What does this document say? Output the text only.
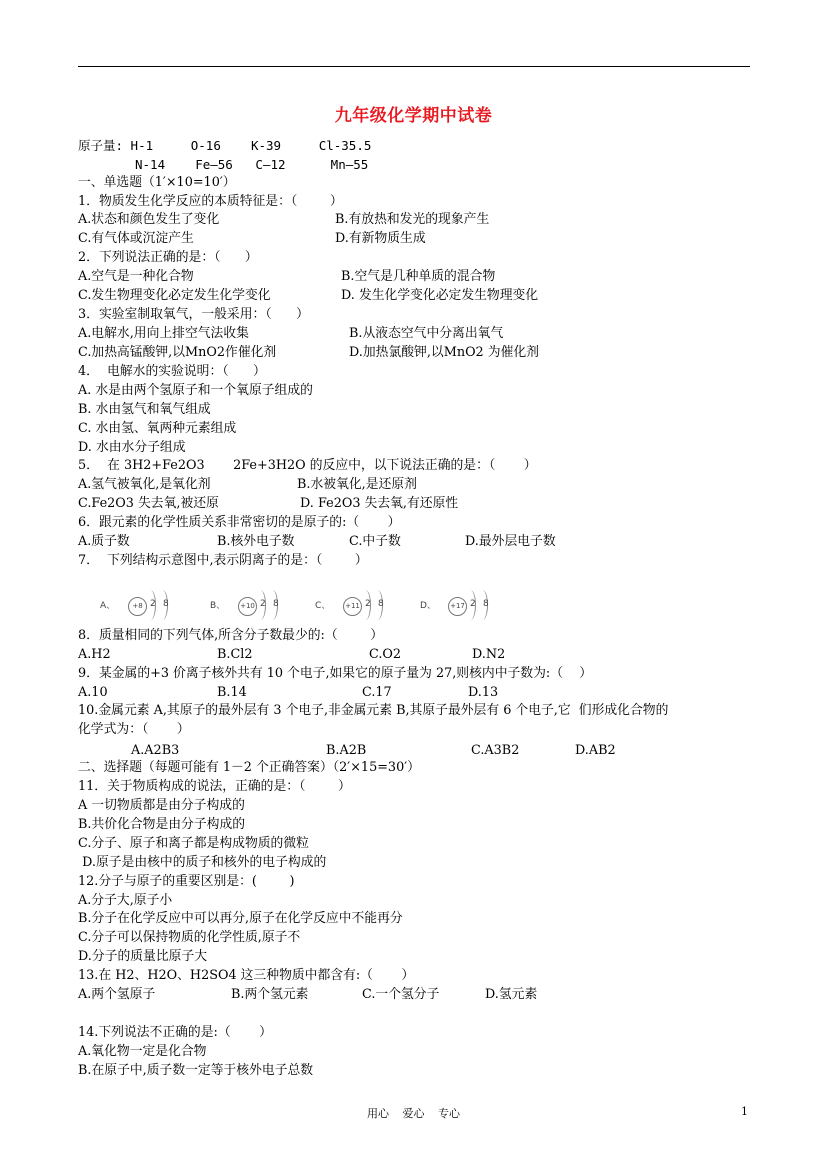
九年级化学期中试卷
原子量: H-1     O-16    K-39     Cl-35.5
N-14    Fe—56   C—12      Mn—55
一、单选题（1′×10=10′）
1．物质发生化学反应的本质特征是：（        ）
A.状态和颜色发生了变化	B.有放热和发光的现象产生
C.有气体或沉淀产生	D.有新物质生成
2．下列说法正确的是：（      ）
A.空气是一种化合物	B.空气是几种单质的混合物
C.发生物理变化必定发生化学变化	D. 发生化学变化必定发生物理变化
3．实验室制取氧气，一般采用：（      ）
A.电解水,用向上排空气法收集	B.从液态空气中分离出氧气
C.加热高锰酸钾,以MnO2作催化剂	D.加热氯酸钾,以MnO2 为催化剂
4．  电解水的实验说明：（      ）
A. 水是由两个氢原子和一个氧原子组成的
B. 水由氢气和氧气组成
C. 水由氢、氧两种元素组成
D. 水由水分子组成
5．  在 3H2+Fe2O3       2Fe+3H2O 的反应中，以下说法正确的是：（       ）
A.氢气被氧化,是氧化剂	B.水被氧化,是还原剂
C.Fe2O3 失去氧,被还原	D. Fe2O3 失去氧,有还原性
6．跟元素的化学性质关系非常密切的是原子的:（       ）
A.质子数	B.核外电子数	C.中子数	D.最外层电子数
7．  下列结构示意图中,表示阴离子的是：（        ）
8．质量相同的下列气体,所含分子数最少的:（        ）
A.H2	B.Cl2	C.O2	D.N2
9．某金属的+3 价离子核外共有 10 个电子,如果它的原子量为 27,则核内中子数为:（    ）
A.10	B.14	C.17	D.13
10.金属元素 A,其原子的最外层有 3 个电子,非金属元素 B,其原子最外层有 6 个电子,它  们形成化合物的
化学式为：（       ）
A.A2B3	B.A2B	C.A3B2	D.AB2
二、选择题（每题可能有 1－2 个正确答案）（2′×15=30′）
11．关于物质构成的说法，正确的是：（        ）
A 一切物质都是由分子构成的
B.共价化合物是由分子构成的
C.分子、原子和离子都是构成物质的微粒
D.原子是由核中的质子和核外的电子构成的
12.分子与原子的重要区别是：(        )
A.分子大,原子小
B.分子在化学反应中可以再分,原子在化学反应中不能再分
C.分子可以保持物质的化学性质,原子不
D.分子的质量比原子大
13.在 H2、H2O、H2SO4 这三种物质中都含有:（       ）
A.两个氢原子	B.两个氢元素	C.一个氢分子	D.氢元素
14.下列说法不正确的是:（       ）
A.氧化物一定是化合物
B.在原子中,质子数一定等于核外电子总数
A、	+8 2 8	B、	+10 2 8	C、	+11 2 8	D、	+17 2 8
用心 爱心 专心	1
